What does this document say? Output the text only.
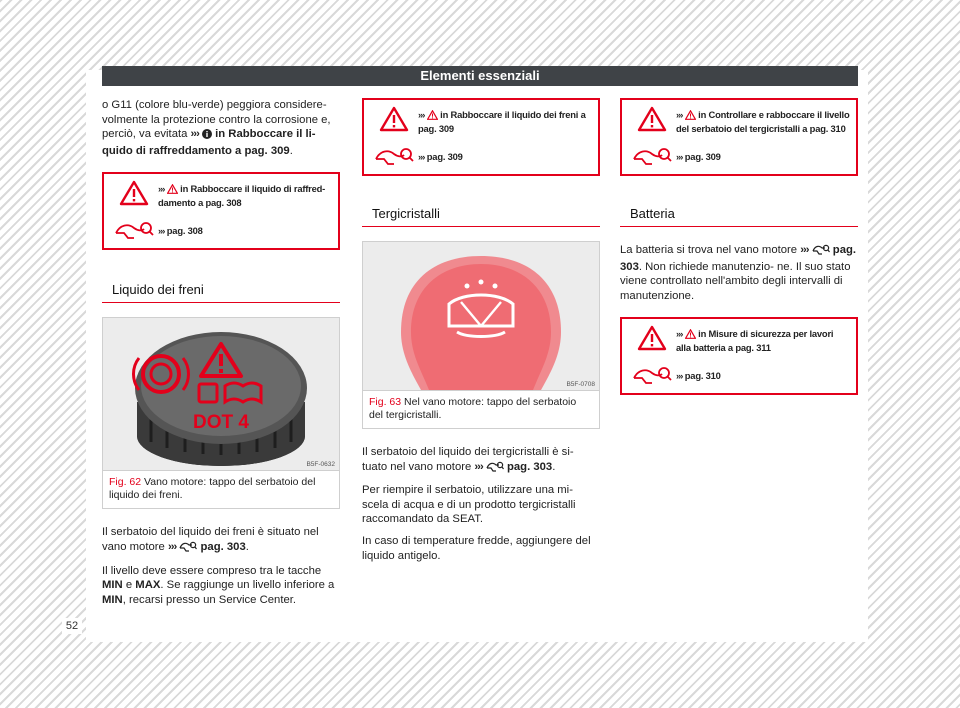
Elementi essenziali
52

o G11 (colore blu-verde) peggiora considere- volmente la protezione contro la corrosione e, perciò, va evitata ›››  in Rabboccare il li- quido di raffreddamento a pag. 309.

›››  in Rabboccare il liquido di raffred- damento a pag. 308
››› pag. 308
Liquido dei freni
DOT 4
B5F-0632
Fig. 62 Vano motore: tappo del serbatoio del liquido dei freni.

Il serbatoio del liquido dei freni è situato nel vano motore ›››  pag. 303.

Il livello deve essere compreso tra le tacche MIN e MAX. Se raggiunge un livello inferiore a MIN, recarsi presso un Service Center.

›››  in Rabboccare il liquido dei freni a pag. 309
››› pag. 309
Tergicristalli
B5F-0708
Fig. 63 Nel vano motore: tappo del serbatoio del tergicristalli.

Il serbatoio del liquido dei tergicristalli è si- tuato nel vano motore ›››  pag. 303.

Per riempire il serbatoio, utilizzare una mi- scela di acqua e di un prodotto tergicristalli raccomandato da SEAT.

In caso di temperature fredde, aggiungere del liquido antigelo.

›››  in Controllare e rabboccare il livello del serbatoio del tergicristalli a pag. 310
››› pag. 309
Batteria

La batteria si trova nel vano motore ›››  pag. 303. Non richiede manutenzio- ne. Il suo stato viene controllato nell'ambito degli intervalli di manutenzione.

›››  in Misure di sicurezza per lavori alla batteria a pag. 311
››› pag. 310
